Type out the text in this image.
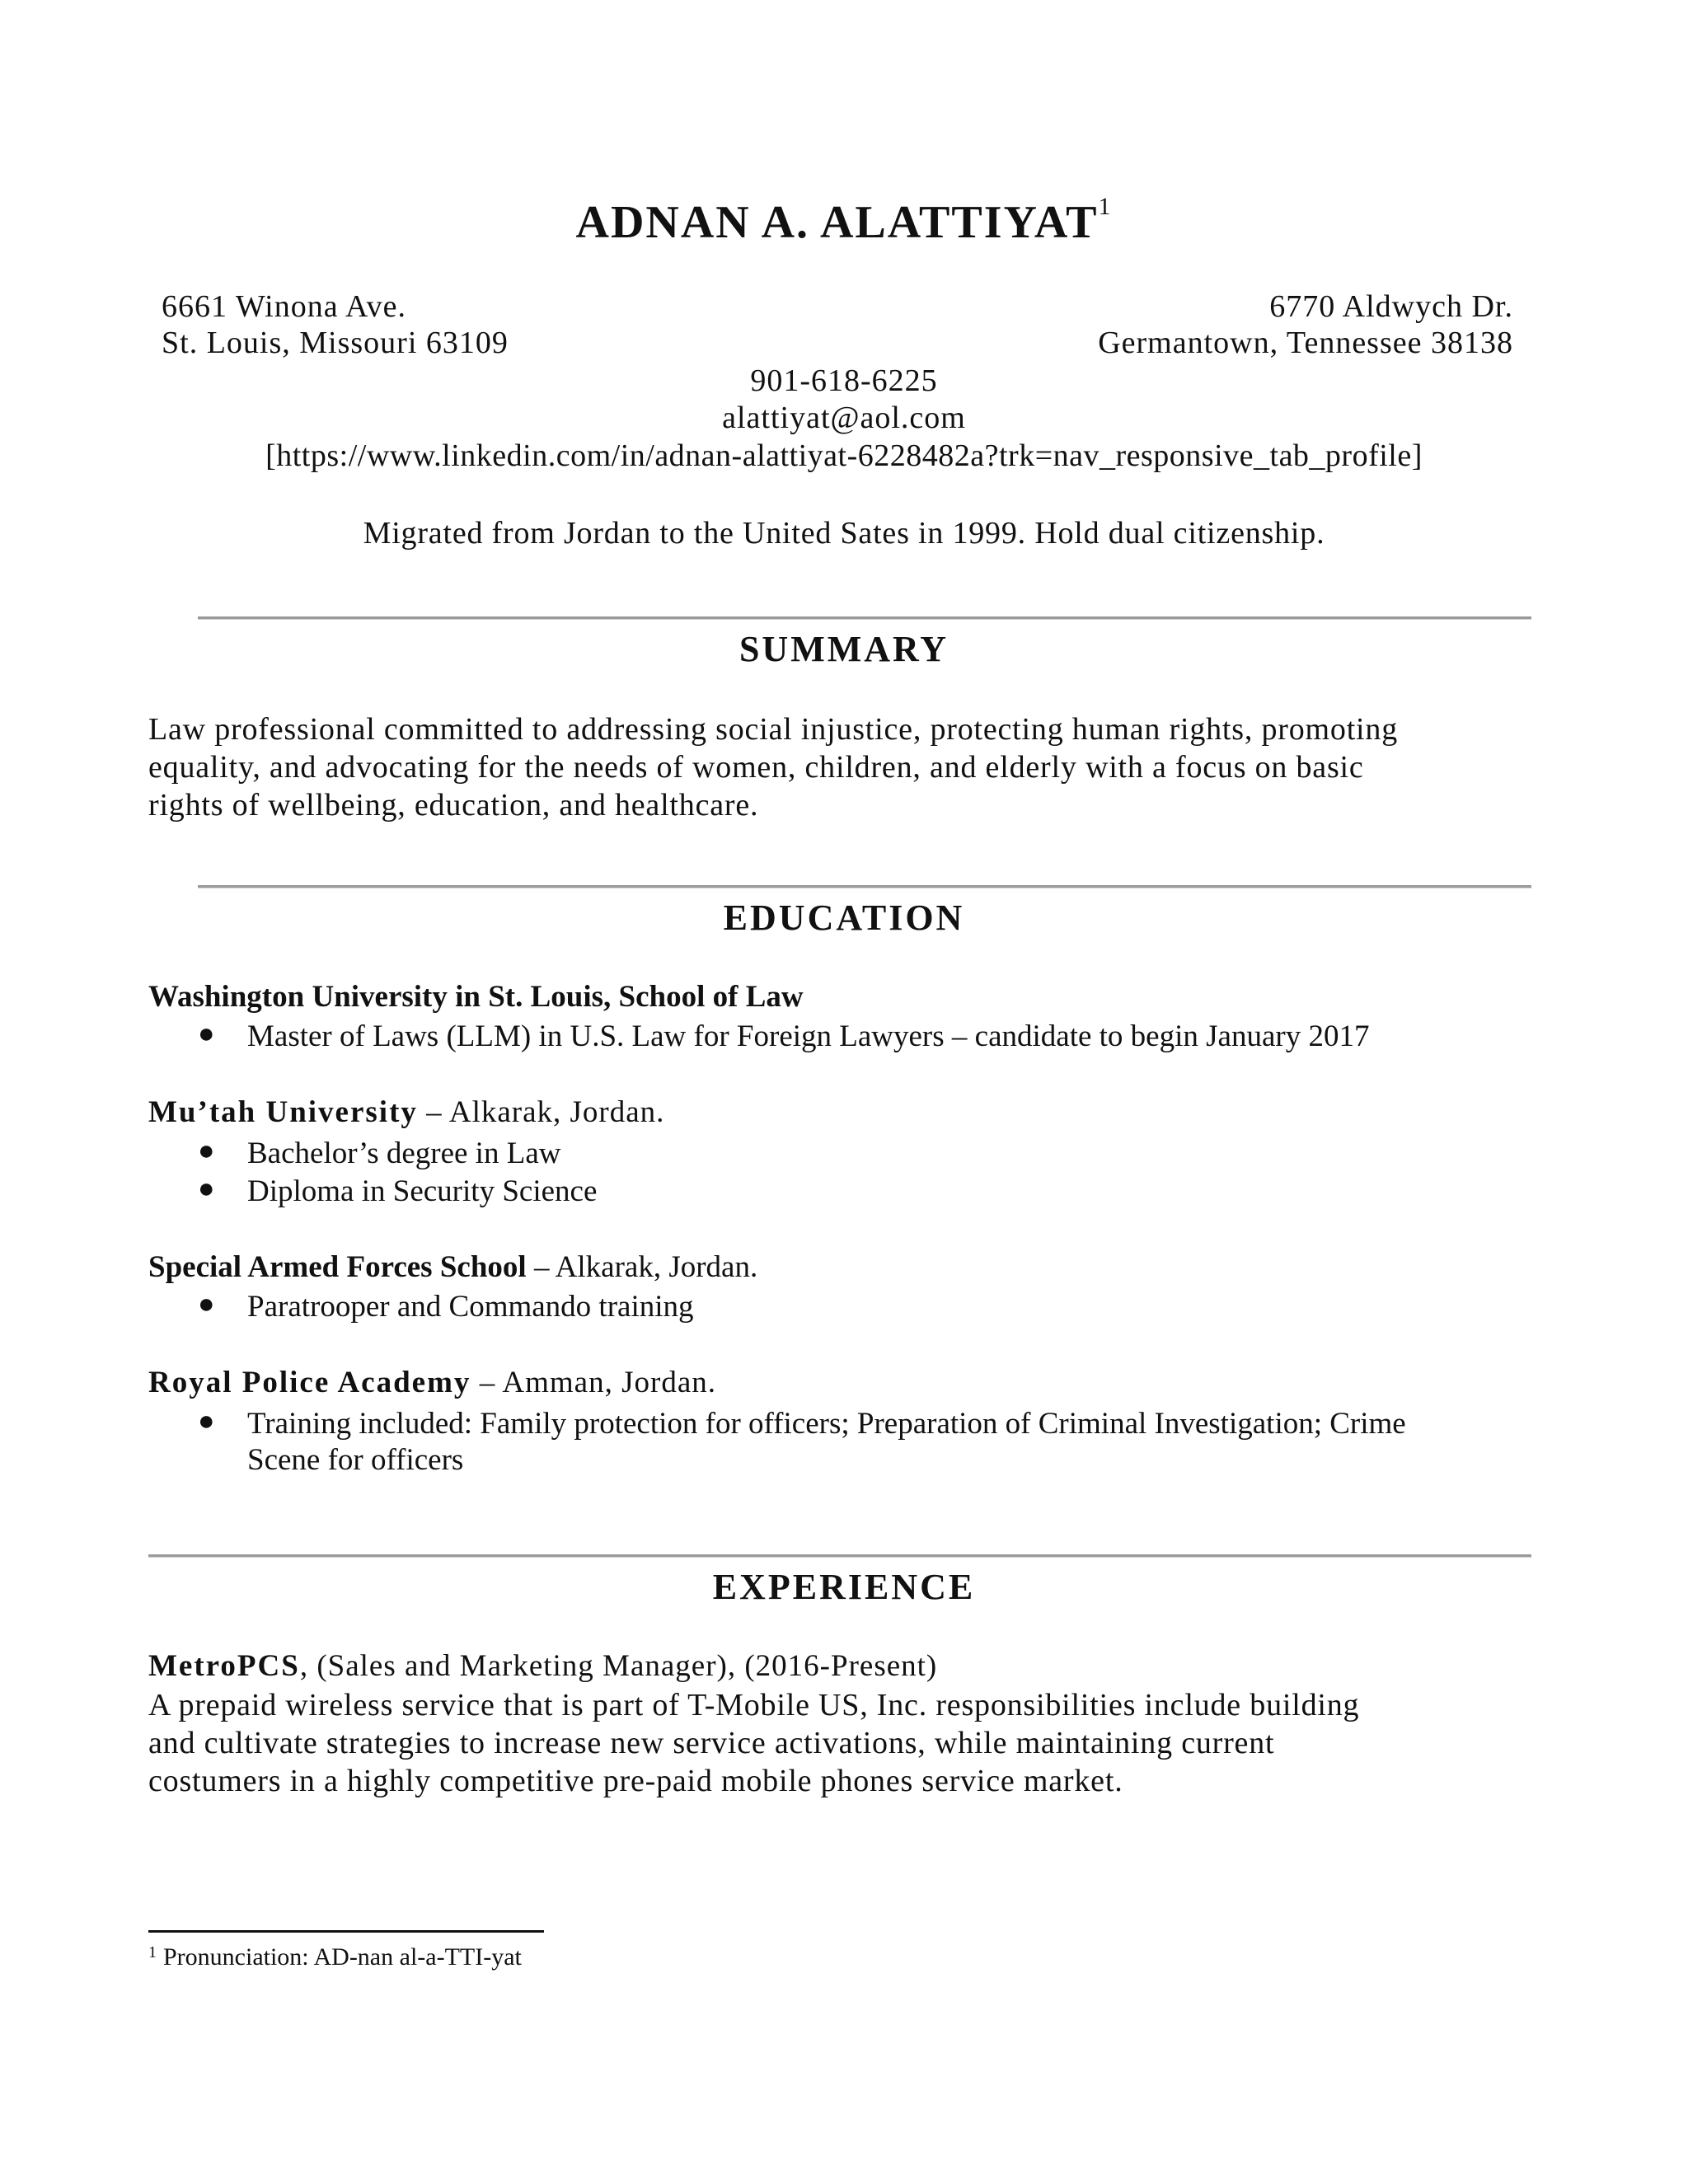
ADNAN A. ALATTIYAT$^1$
6661 Winona Ave.
St. Louis, Missouri 63109
6770 Aldwych Dr.
Germantown, Tennessee 38138
901-618-6225
alattiyat@aol.com
[https://www.linkedin.com/in/adnan-alattiyat-6228482a?trk=nav_responsive_tab_profile]
Migrated from Jordan to the United Sates in 1999. Hold dual citizenship.
SUMMARY
Law professional committed to addressing social injustice, protecting human rights, promoting
equality, and advocating for the needs of women, children, and elderly with a focus on basic
rights of wellbeing, education, and healthcare.
EDUCATION
Washington University in St. Louis, School of Law
● Master of Laws (LLM) in U.S. Law for Foreign Lawyers – candidate to begin January 2017
Mu’tah University – Alkarak, Jordan.
● Bachelor’s degree in Law
● Diploma in Security Science
Special Armed Forces School – Alkarak, Jordan.
● Paratrooper and Commando training
Royal Police Academy – Amman, Jordan.
● Training included: Family protection for officers; Preparation of Criminal Investigation; Crime
Scene for officers
EXPERIENCE
MetroPCS, (Sales and Marketing Manager), (2016-Present)
A prepaid wireless service that is part of T-Mobile US, Inc. responsibilities include building
and cultivate strategies to increase new service activations, while maintaining current
costumers in a highly competitive pre-paid mobile phones service market.
$^1$ Pronunciation: AD-nan al-a-TTI-yat
